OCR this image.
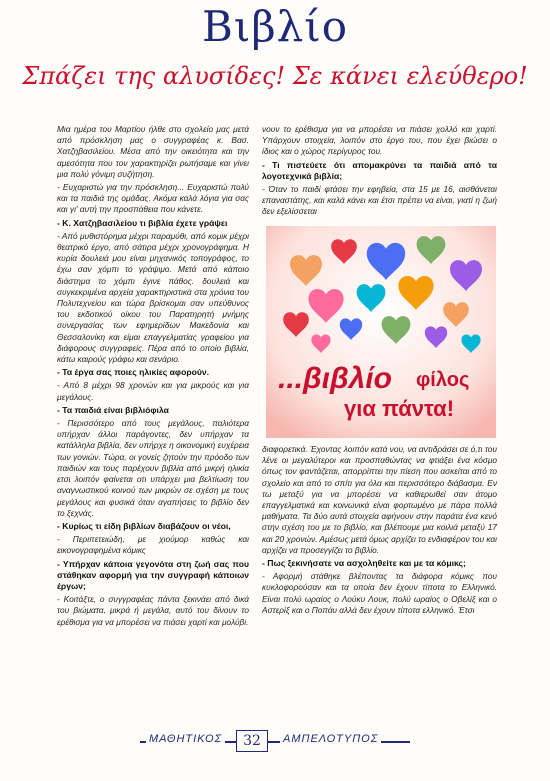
Βιβλίο
Σπάζει της αλυσίδες! Σε κάνει ελεύθερο!

Μια ημέρα του Μαρτίου ήλθε στο σχολείο μας μετά από πρόσκληση μας ο συγγραφέας κ. Βασ. Χατζηβασιλείου. Μέσα από την οικειότητα και την αμεσότητα που τον χαρακτηρίζει ρωτήσαμε και γίνει μια πολύ γόνιμη συζήτηση.

- Ευχαριστώ για την πρόσκληση... Ευχαριστώ πολύ και τα παιδιά της ομάδας. Ακόμα καλά λόγια για σας και γι' αυτή την προσπάθεια που κάνετε.

- Κ. Χατζηβασιλείου τι βιβλία έχετε γράψει

- Από μυθιστόρημα μέχρι παραμύθι, από κομικ μέχρι θεατρικό έργο, από σάτιρα μέχρι χρονογράφημα. Η κυρία δουλειά μου είναι μηχανικός τοπογράφος, το έχω σαν χόμπι το γράψιμο. Μετά από κάποιο διάστημα το χόμπι έγινε πάθος. δουλειά και συγκεκριμένα αρχεία χαρακτηριστικά στα χρόνια του Πολυτεχνείου και τώρα βρίσκομαι σαν υπεύθυνος του εκδοτικού οίκου του Παρατηρητή μνήμης συνεργασίας των εφημερίδων Μακεδονία και Θεσσαλονίκη και είμαι επαγγελματίας γραφείου για διάφορους συγγραφείς. Πέρα από το οποίο βιβλία, κάτω καιρούς γράφω και σενάριο.

- Τα έργα σας ποιες ηλικίες αφορούν.

- Από 8 μέχρι 98 χρονών και για μικρούς και για μεγάλους.

- Τα παιδιά είναι βιβλιόφιλα

- Περισσότερο από τους μεγάλους, παλιότερα υπήρχαν άλλοι παράγοντες, δεν υπήρχαν τα κατάλληλα βιβλία, δεν υπήρχε η οικονομική ευχέρεια των γονιών. Τώρα, οι γονείς ζητούν την πρόοδο των παιδιών και τους παρέχουν βιβλία από μικρή ηλικία ετσι λοιπόν φαίνεται οτι υπάρχει μια βελτίωση του αναγνωστικού κοινού των μικρών σε σχέση με τους μεγάλους και φυσικά όταν αγαπήσεις το βιβλίο δεν το ξεχνάς.

- Κυρίως τι είδη βιβλίων διαβάζουν οι νέοι,

- Περιπετειώδη, με χιούμορ καθώς και εικονογραφημένα κόμικς

- Υπήρχαν κάποια γεγονότα στη ζωή σας που στάθηκαν αφορμή για την συγγραφή κάποιων έργων;

- Κοιτάξτε, ο συγγραφέας πάντα ξεκινάει από δικά του βιώματα, μικρά ή μεγάλα, αυτό του δίνουν το ερέθισμα για να μπορέσει να πιάσει χαρτί και μολύβι.

νουν το ερέθισμα για να μπορέσει να πιάσει χολλό και χαρτί. Υπάρχουν στοιχεία, λοιπόν στο έργο του, που έχει βιώσει ο ίδιος και ο χώρος περίγυρος του.

- Τι πιστεύετε ότι απομακρύνει τα παιδιά από τα λογοτεχνικά βιβλία;

- Όταν το παιδί φτάσει την εφηβεία, στα 15 με 16, αισθάνεται επαναστάτης, και καλά κάνει και έτσι πρέπει να είναι, γιατί η ζωή δεν εξελίσσεται

...βιβλίο φίλος
για πάντα!

διαφορετικά. Έχοντας λοιπόν κατά νου, να αντιδράσει σε ό,τι του λένε οι μεγαλύτεροι και προσπαθώντας να φτιάξει ένα κόσμο όπως τον φαντάζεται, απορρίπτει την πίεση που ασκείται από το σχολείο και από το σπίτι για όλα και περισσότερο διάβασμα. Εν τω μεταξύ για να μπορέσει να καθιερωθεί σαν άτομο επαγγελματικά και κοινωνικά είναι φορτωμένο με πάρα πολλά μαθήματα. Τα δύο αυτά στοιχεία αφήνουν στην παράτα ένα κενό στην σχέση του με το βιβλίο, και βλέπουμε μια κοιλιά μεταξύ 17 και 20 χρονών. Αμέσως μετά όμως αρχίζει το ενδιαφέρον του και αρχίζει να προσεγγίζει το βιβλίο.

- Πως ξεκινήσατε να ασχοληθείτε και με τα κόμικς;

- Αφορμή στάθηκε βλέποντας τα διάφορα κόμικς που κυκλοφορούσαν και τα οποία δεν έχουν τίποτα το Ελληνικό. Είναι πολύ ωραίος ο Λούκυ Λουκ, πολύ ωραίος ο Οβελίξ και ο Αστερίξ και ο Ποπάυ αλλά δεν έχουν τίποτα ελληνικό. Έτσι

ΜΑΘΗΤΙΚΟΣ	32	ΑΜΠΕΛΟΤΥΠΟΣ
